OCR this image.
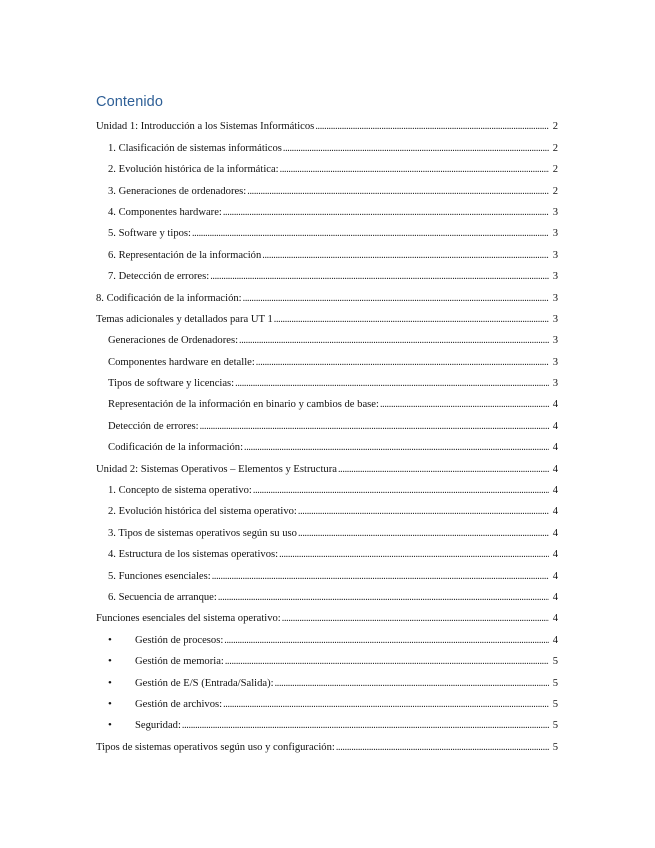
Contenido
Unidad 1: Introducción a los Sistemas Informáticos .....	2
1. Clasificación de sistemas informáticos .....	2
2. Evolución histórica de la informática: .....	2
3. Generaciones de ordenadores: .....	2
4. Componentes hardware: .....	3
5. Software y tipos: .....	3
6. Representación de la información .....	3
7. Detección de errores: .....	3
8. Codificación de la información: .....	3
Temas adicionales y detallados para UT 1 .....	3
Generaciones de Ordenadores: .....	3
Componentes hardware en detalle: .....	3
Tipos de software y licencias: .....	3
Representación de la información en binario y cambios de base: .....	4
Detección de errores: .....	4
Codificación de la información: .....	4
Unidad 2: Sistemas Operativos – Elementos y Estructura .....	4
1. Concepto de sistema operativo: .....	4
2. Evolución histórica del sistema operativo: .....	4
3. Tipos de sistemas operativos según su uso .....	4
4. Estructura de los sistemas operativos: .....	4
5. Funciones esenciales: .....	4
6. Secuencia de arranque: .....	4
Funciones esenciales del sistema operativo: .....	4
•	Gestión de procesos: .....	4
•	Gestión de memoria: .....	5
•	Gestión de E/S (Entrada/Salida): .....	5
•	Gestión de archivos: .....	5
•	Seguridad: .....	5
Tipos de sistemas operativos según uso y configuración: .....	5
